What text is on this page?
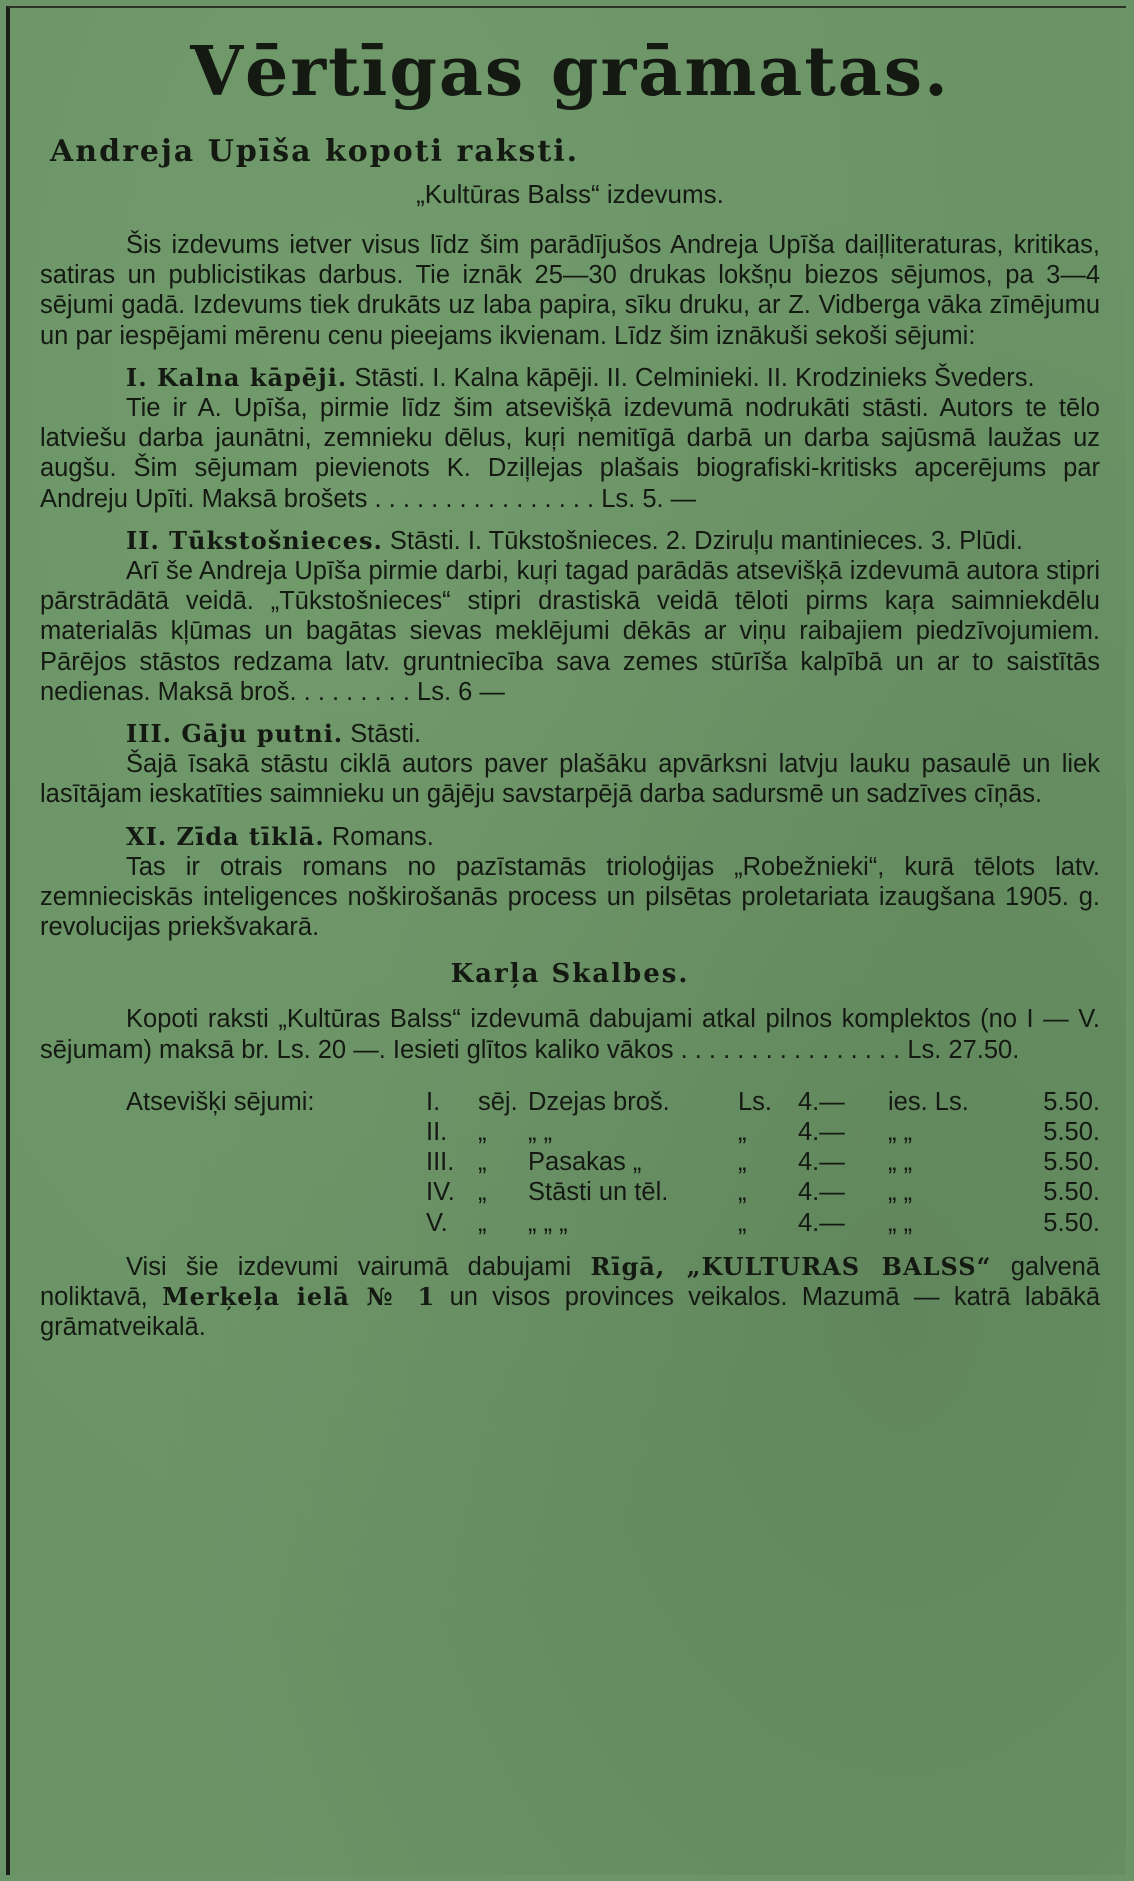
Vērtīgas grāmatas.
Andreja Upīša kopoti raksti.

„Kultūras Balss“ izdevums.

Šis izdevums ietver visus līdz šim parādījušos Andreja Upīša daiļliteraturas, kritikas, satiras un publicistikas darbus. Tie iznāk 25—30 drukas lokšņu biezos sējumos, pa 3—4 sējumi gadā. Izdevums tiek drukāts uz laba papira, sīku druku, ar Z. Vidberga vāka zīmējumu un par iespējami mērenu cenu pieejams ikvienam. Līdz šim iznākuši sekoši sējumi:

I. Kalna kāpēji. Stāsti. I. Kalna kāpēji. II. Celminieki. II. Krodzinieks Šveders.

Tie ir A. Upīša, pirmie līdz šim atsevišķā izdevumā nodrukāti stāsti. Autors te tēlo latviešu darba jaunātni, zemnieku dēlus, kuŗi nemitīgā darbā un darba sajūsmā laužas uz augšu. Šim sējumam pievienots K. Dziļlejas plašais biografiski-kritisks apcerējums par Andreju Upīti. Maksā brošets . . . . . . . . . . . . . . . . Ls. 5. —

II. Tūkstošnieces. Stāsti. I. Tūkstošnieces. 2. Dziruļu mantinieces. 3. Plūdi.

Arī še Andreja Upīša pirmie darbi, kuŗi tagad parādās atsevišķā izdevumā autora stipri pārstrādātā veidā. „Tūkstošnieces“ stipri drastiskā veidā tēloti pirms kaŗa saimniekdēlu materialās kļūmas un bagātas sievas meklējumi dēkās ar viņu raibajiem piedzīvojumiem. Pārējos stāstos redzama latv. gruntniecība sava zemes stūrīša kalpībā un ar to saistītās nedienas. Maksā broš. . . . . . . . . Ls. 6 —

III. Gāju putni. Stāsti.

Šajā īsakā stāstu ciklā autors paver plašāku apvārksni latvju lauku pasaulē un liek lasītājam ieskatīties saimnieku un gājēju savstarpējā darba sadursmē un sadzīves cīņās.

XI. Zīda tīklā. Romans.

Tas ir otrais romans no pazīstamās trioloģijas „Robežnieki“, kurā tēlots latv. zemnieciskās inteligences noškirošanās process un pilsētas proletariata izaugšana 1905. g. revolucijas priekšvakarā.

Karļa Skalbes.

Kopoti raksti „Kultūras Balss“ izdevumā dabujami atkal pilnos komplektos (no I — V. sējumam) maksā br. Ls. 20 —. Iesieti glītos kaliko vākos . . . . . . . . . . . . . . . . Ls. 27.50.

Atsevišķi sējumi:	I.	sēj.	Dzejas broš.	Ls.	4.—	ies. Ls.	5.50.
	II.	„	„ „	„	4.—	„ „	5.50.
	III.	„	Pasakas „	„	4.—	„ „	5.50.
	IV.	„	Stāsti un tēl.	„	4.—	„ „	5.50.
	V.	„	„ „ „	„	4.—	„ „	5.50.

Visi šie izdevumi vairumā dabujami Rīgā, „KULTURAS BALSS“ galvenā noliktavā, Merķeļa ielā № 1 un visos provinces veikalos. Mazumā — katrā labākā grāmatveikalā.
